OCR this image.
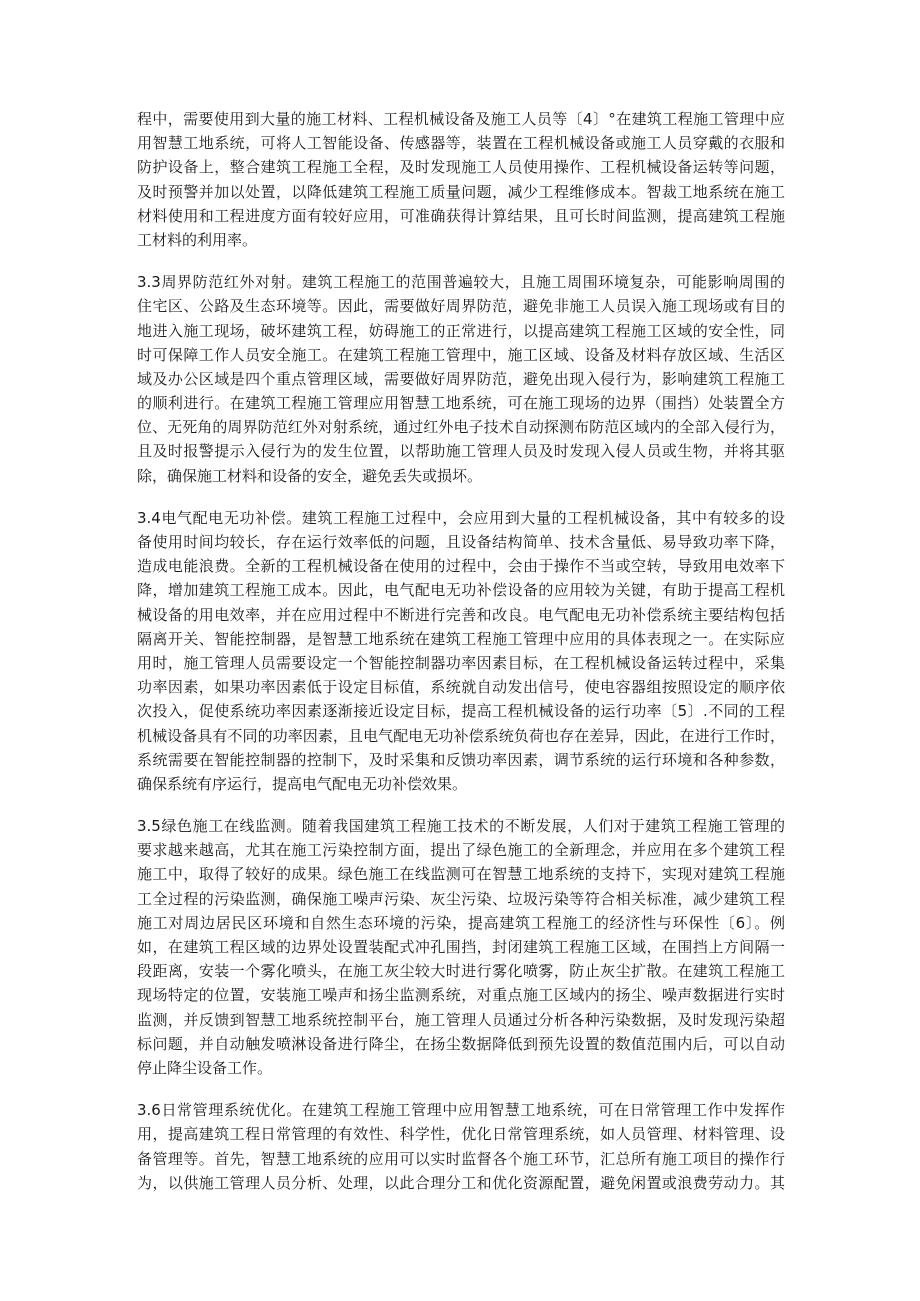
程中，需要使用到大量的施工材料、工程机械设备及施工人员等〔4〕°在建筑工程施工管理中应
用智慧工地系统，可将人工智能设备、传感器等，装置在工程机械设备或施工人员穿戴的衣服和
防护设备上，整合建筑工程施工全程，及时发现施工人员使用操作、工程机械设备运转等问题，
及时预警并加以处置，以降低建筑工程施工质量问题，减少工程维修成本。智裁工地系统在施工
材料使用和工程进度方面有较好应用，可准确获得计算结果，且可长时间监测，提高建筑工程施
工材料的利用率。
3.3周界防范红外对射。建筑工程施工的范围普遍较大，且施工周围环境复杂，可能影响周围的
住宅区、公路及生态环境等。因此，需要做好周界防范，避免非施工人员误入施工现场或有目的
地进入施工现场，破坏建筑工程，妨碍施工的正常进行，以提高建筑工程施工区域的安全性，同
时可保障工作人员安全施工。在建筑工程施工管理中，施工区域、设备及材料存放区域、生活区
域及办公区域是四个重点管理区域，需要做好周界防范，避免出现入侵行为，影响建筑工程施工
的顺利进行。在建筑工程施工管理应用智慧工地系统，可在施工现场的边界（围挡）处装置全方
位、无死角的周界防范红外对射系统，通过红外电子技术自动探测布防范区域内的全部入侵行为，
且及时报警提示入侵行为的发生位置，以帮助施工管理人员及时发现入侵人员或生物，并将其驱
除，确保施工材料和设备的安全，避免丢失或损坏。
3.4电气配电无功补偿。建筑工程施工过程中，会应用到大量的工程机械设备，其中有较多的设
备使用时间均较长，存在运行效率低的问题，且设备结构简单、技术含量低、易导致功率下降，
造成电能浪费。全新的工程机械设备在使用的过程中，会由于操作不当或空转，导致用电效率下
降，增加建筑工程施工成本。因此，电气配电无功补偿设备的应用较为关键，有助于提高工程机
械设备的用电效率，并在应用过程中不断进行完善和改良。电气配电无功补偿系统主要结构包括
隔离开关、智能控制器，是智慧工地系统在建筑工程施工管理中应用的具体表现之一。在实际应
用时，施工管理人员需要设定一个智能控制器功率因素目标，在工程机械设备运转过程中，采集
功率因素，如果功率因素低于设定目标值，系统就自动发出信号，使电容器组按照设定的顺序依
次投入，促使系统功率因素逐渐接近设定目标，提高工程机械设备的运行功率〔5〕.不同的工程
机械设备具有不同的功率因素，且电气配电无功补偿系统负荷也存在差异，因此，在进行工作时，
系统需要在智能控制器的控制下，及时采集和反馈功率因素，调节系统的运行环境和各种参数，
确保系统有序运行，提高电气配电无功补偿效果。
3.5绿色施工在线监测。随着我国建筑工程施工技术的不断发展，人们对于建筑工程施工管理的
要求越来越高，尤其在施工污染控制方面，提出了绿色施工的全新理念，并应用在多个建筑工程
施工中，取得了较好的成果。绿色施工在线监测可在智慧工地系统的支持下，实现对建筑工程施
工全过程的污染监测，确保施工噪声污染、灰尘污染、垃圾污染等符合相关标准，减少建筑工程
施工对周边居民区环境和自然生态环境的污染，提高建筑工程施工的经济性与环保性〔6〕。例
如，在建筑工程区域的边界处设置装配式冲孔围挡，封闭建筑工程施工区域，在围挡上方间隔一
段距离，安装一个雾化喷头，在施工灰尘较大时进行雾化喷雾，防止灰尘扩散。在建筑工程施工
现场特定的位置，安装施工噪声和扬尘监测系统，对重点施工区域内的扬尘、噪声数据进行实时
监测，并反馈到智慧工地系统控制平台，施工管理人员通过分析各种污染数据，及时发现污染超
标问题，并自动触发喷淋设备进行降尘，在扬尘数据降低到预先设置的数值范围内后，可以自动
停止降尘设备工作。
3.6日常管理系统优化。在建筑工程施工管理中应用智慧工地系统，可在日常管理工作中发挥作
用，提高建筑工程日常管理的有效性、科学性，优化日常管理系统，如人员管理、材料管理、设
备管理等。首先，智慧工地系统的应用可以实时监督各个施工环节，汇总所有施工项目的操作行
为，以供施工管理人员分析、处理，以此合理分工和优化资源配置，避免闲置或浪费劳动力。其
